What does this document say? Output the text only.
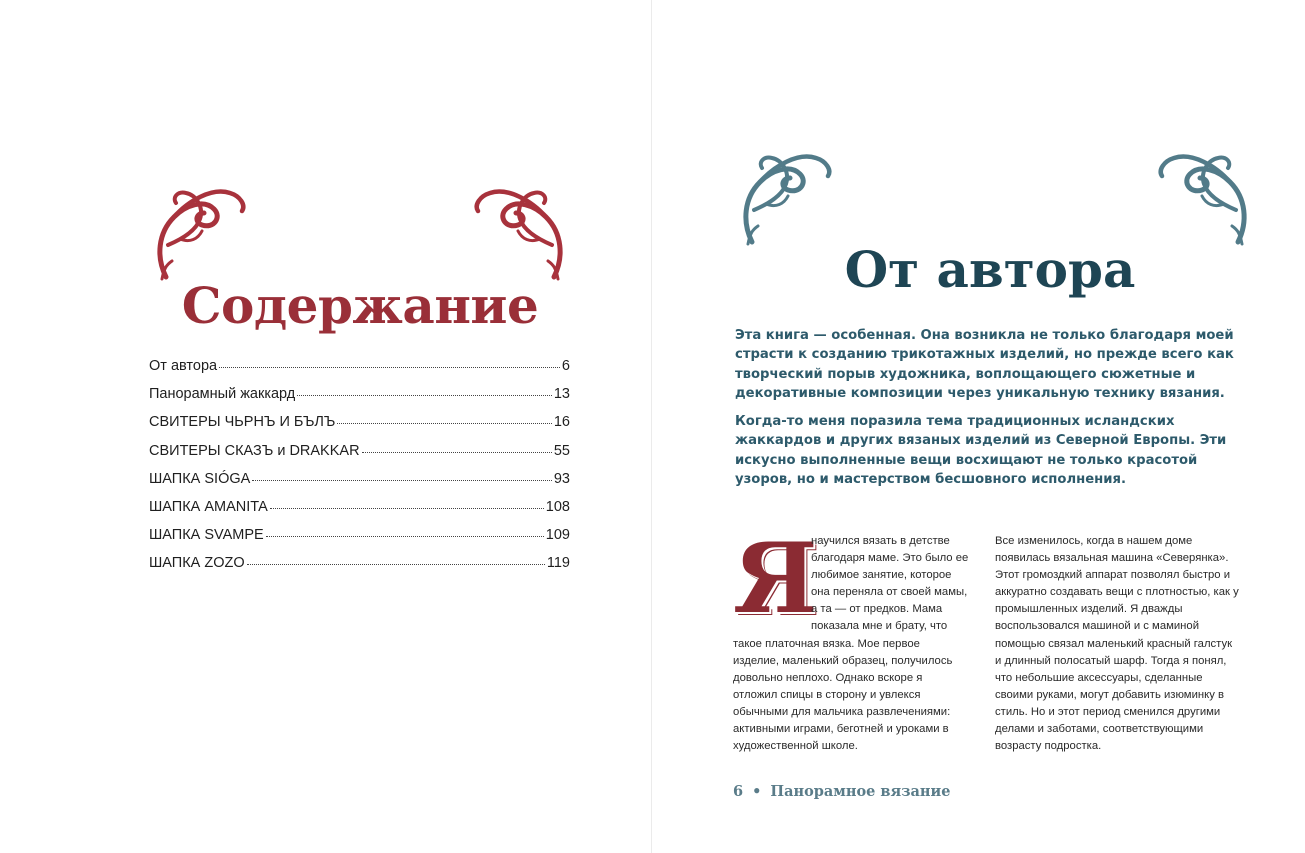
Содержание
От автора	6
Панорамный жаккард	13
СВИТЕРЫ ЧЬРНЪ И БЪЛЪ	16
СВИТЕРЫ СКАЗЪ и DRAKKAR	55
ШАПКА SIÓGA	93
ШАПКА AMANITA	108
ШАПКА SVAMPE	109
ШАПКА ZOZO	119
От автора

Эта книга — особенная. Она возникла не только благодаря моей страсти к созданию трикотажных изделий, но прежде всего как творческий порыв художника, воплощающего сюжетные и декоративные композиции через уникальную технику вязания.

Когда-то меня поразила тема традиционных исландских жаккардов и других вязаных изделий из Северной Европы. Эти искусно выполненные вещи восхищают не только красотой узоров, но и мастерством бесшовного исполнения.

Я
научился вязать в детстве благодаря маме. Это было ее любимое занятие, которое она переняла от своей мамы, а та — от предков. Мама показала мне и брату, что такое платочная вязка. Мое первое изделие, маленький образец, получилось довольно неплохо. Однако вскоре я отложил спицы в сторону и увлекся обычными для мальчика развлечениями: активными играми, беготней и уроками в художественной школе.

Все изменилось, когда в нашем доме появилась вязальная машина «Северянка». Этот громоздкий аппарат позволял быстро и аккуратно создавать вещи с плотностью, как у промышленных изделий. Я дважды воспользовался машиной и с маминой помощью связал маленький красный галстук и длинный полосатый шарф. Тогда я понял, что небольшие аксессуары, сделанные своими руками, могут добавить изюминку в стиль. Но и этот период сменился другими делами и заботами, соответствующими возрасту подростка.

6 • Панорамное вязание
